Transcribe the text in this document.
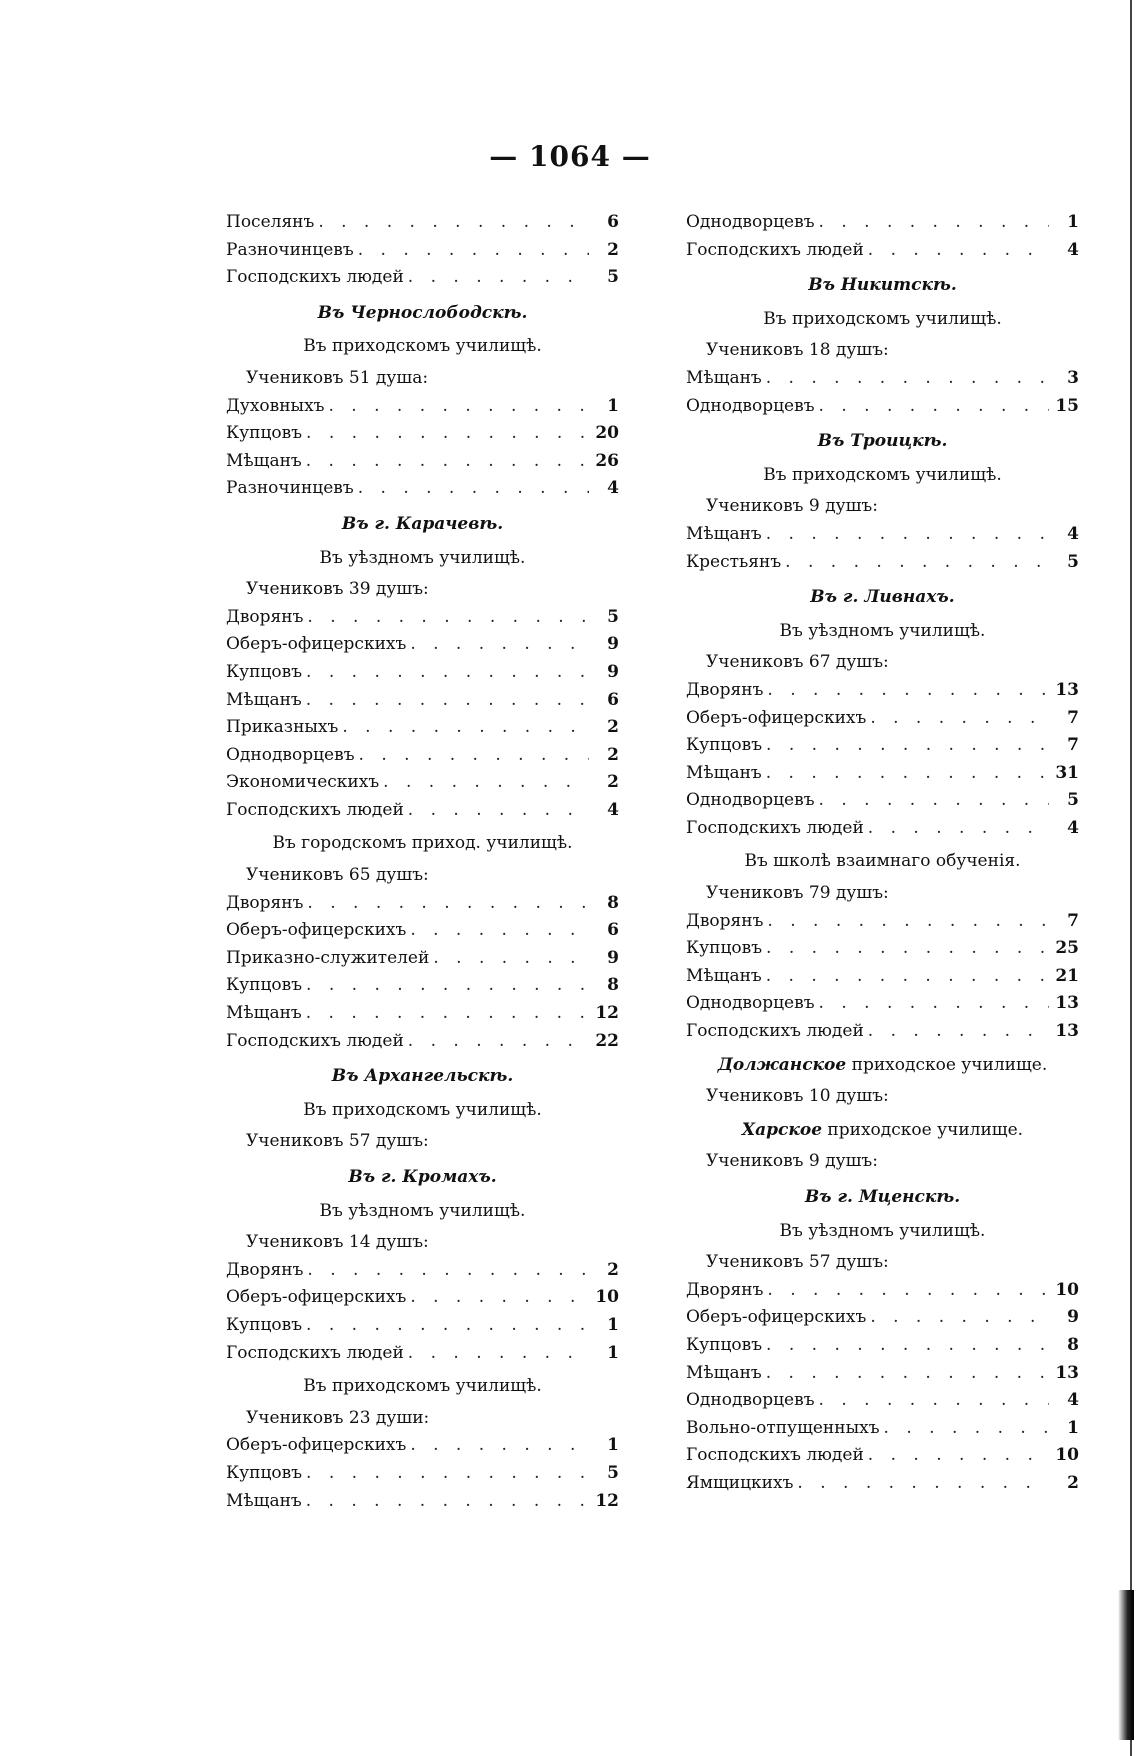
— 1064 —
Поселянъ . . .	6
Разночинцевъ . . .	2
Господскихъ людей . . .	5
Въ Чернослободскѣ.
Въ приходскомъ училищѣ.
Учениковъ 51 душа:
Духовныхъ . . .	1
Купцовъ . . .	20
Мѣщанъ . . .	26
Разночинцевъ . . .	4
Въ г. Карачевѣ.
Въ уѣздномъ училищѣ.
Учениковъ 39 душъ:
Дворянъ . . .	5
Оберъ-офицерскихъ . . .	9
Купцовъ . . .	9
Мѣщанъ . . .	6
Приказныхъ . . .	2
Однодворцевъ . . .	2
Экономическихъ . . .	2
Господскихъ людей . . .	4
Въ городскомъ приход. училищѣ.
Учениковъ 65 душъ:
Дворянъ . . .	8
Оберъ-офицерскихъ . . .	6
Приказно-служителей . . .	9
Купцовъ . . .	8
Мѣщанъ . . .	12
Господскихъ людей . . .	22
Въ Архангельскѣ.
Въ приходскомъ училищѣ.
Учениковъ 57 душъ:
Въ г. Кромахъ.
Въ уѣздномъ училищѣ.
Учениковъ 14 душъ:
Дворянъ . . .	2
Оберъ-офицерскихъ . . .	10
Купцовъ . . .	1
Господскихъ людей . . .	1
Въ приходскомъ училищѣ.
Учениковъ 23 души:
Оберъ-офицерскихъ . . .	1
Купцовъ . . .	5
Мѣщанъ . . .	12
Однодворцевъ . . .	1
Господскихъ людей . . .	4
Въ Никитскѣ.
Въ приходскомъ училищѣ.
Учениковъ 18 душъ:
Мѣщанъ . . .	3
Однодворцевъ . . .	15
Въ Троицкѣ.
Въ приходскомъ училищѣ.
Учениковъ 9 душъ:
Мѣщанъ . . .	4
Крестьянъ . . .	5
Въ г. Ливнахъ.
Въ уѣздномъ училищѣ.
Учениковъ 67 душъ:
Дворянъ . . .	13
Оберъ-офицерскихъ . . .	7
Купцовъ . . .	7
Мѣщанъ . . .	31
Однодворцевъ . . .	5
Господскихъ людей . . .	4
Въ школѣ взаимнаго обученія.
Учениковъ 79 душъ:
Дворянъ . . .	7
Купцовъ . . .	25
Мѣщанъ . . .	21
Однодворцевъ . . .	13
Господскихъ людей . . .	13
Должанское приходское училище.
Учениковъ 10 душъ:
Харское приходское училище.
Учениковъ 9 душъ:
Въ г. Мценскѣ.
Въ уѣздномъ училищѣ.
Учениковъ 57 душъ:
Дворянъ . . .	10
Оберъ-офицерскихъ . . .	9
Купцовъ . . .	8
Мѣщанъ . . .	13
Однодворцевъ . . .	4
Вольно-отпущенныхъ . . .	1
Господскихъ людей . . .	10
Ямщицкихъ . . .	2
